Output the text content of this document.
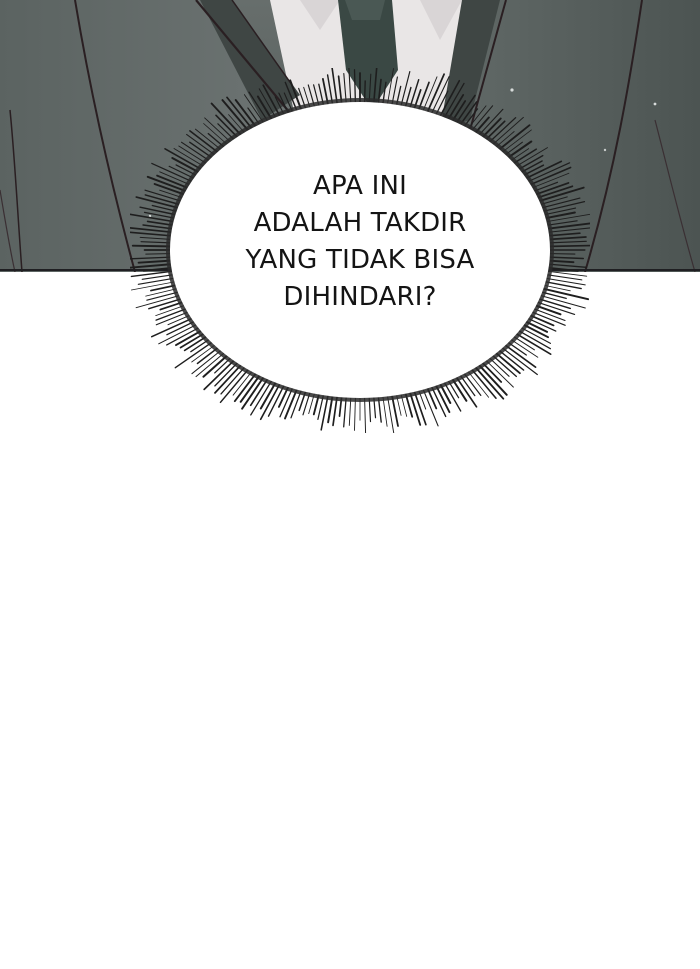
APA INI
ADALAH TAKDIR
YANG TIDAK BISA
DIHINDARI?
